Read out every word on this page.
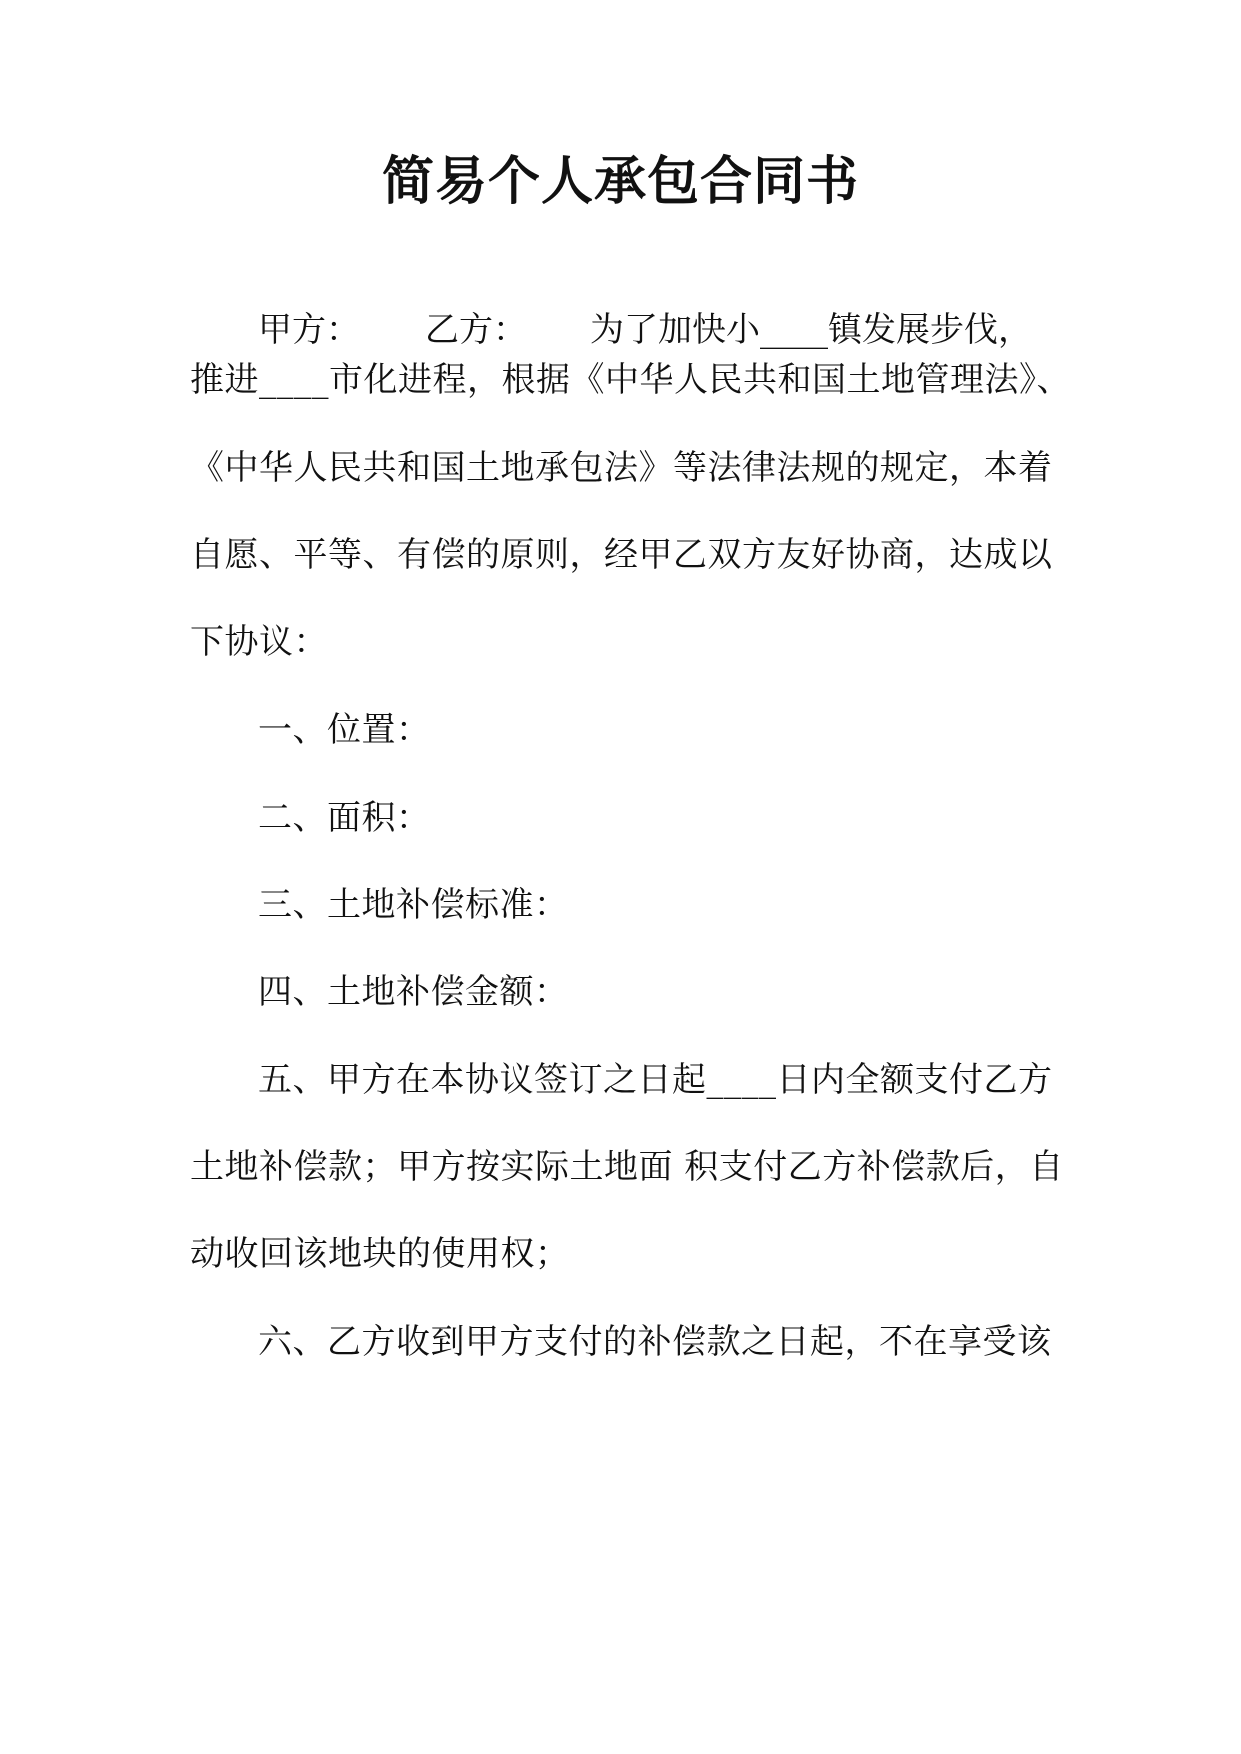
简易个人承包合同书
甲方： 乙方： 为了加快小____镇发展步伐，
推进____市化进程，根据《中华人民共和国土地管理法》、
《中华人民共和国土地承包法》等法律法规的规定，本着
自愿、平等、有偿的原则，经甲乙双方友好协商，达成以
下协议：
一、位置：
二、面积：
三、土地补偿标准：
四、土地补偿金额：
五、甲方在本协议签订之日起____日内全额支付乙方
土地补偿款；甲方按实际土地面 积支付乙方补偿款后，自
动收回该地块的使用权；
六、乙方收到甲方支付的补偿款之日起，不在享受该
